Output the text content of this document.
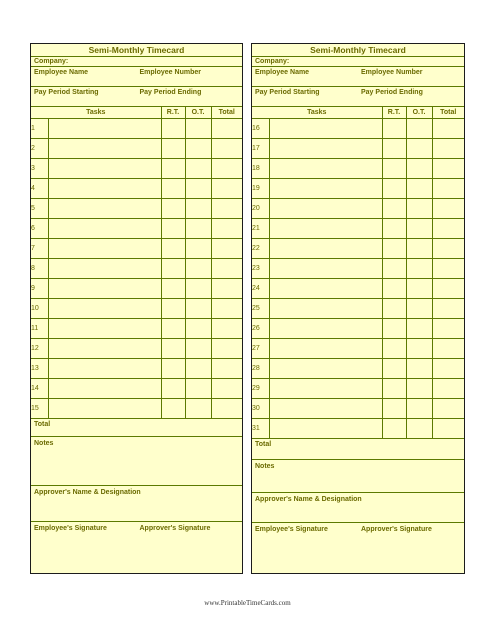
Semi-Monthly Timecard
Company:
Employee Name	Employee Number
Pay Period Starting	Pay Period Ending
Tasks		R.T.	O.T.	Total
1				
2				
3				
4				
5				
6				
7				
8				
9				
10				
11				
12				
13				
14				
15				
Total
Notes
Approver's Name & Designation
Employee's Signature	Approver's Signature
Semi-Monthly Timecard
Company:
Employee Name	Employee Number
Pay Period Starting	Pay Period Ending
Tasks		R.T.	O.T.	Total
16				
17				
18				
19				
20				
21				
22				
23				
24				
25				
26				
27				
28				
29				
30				
31				
Total
Notes
Approver's Name & Designation
Employee's Signature	Approver's Signature
www.PrintableTimeCards.com
